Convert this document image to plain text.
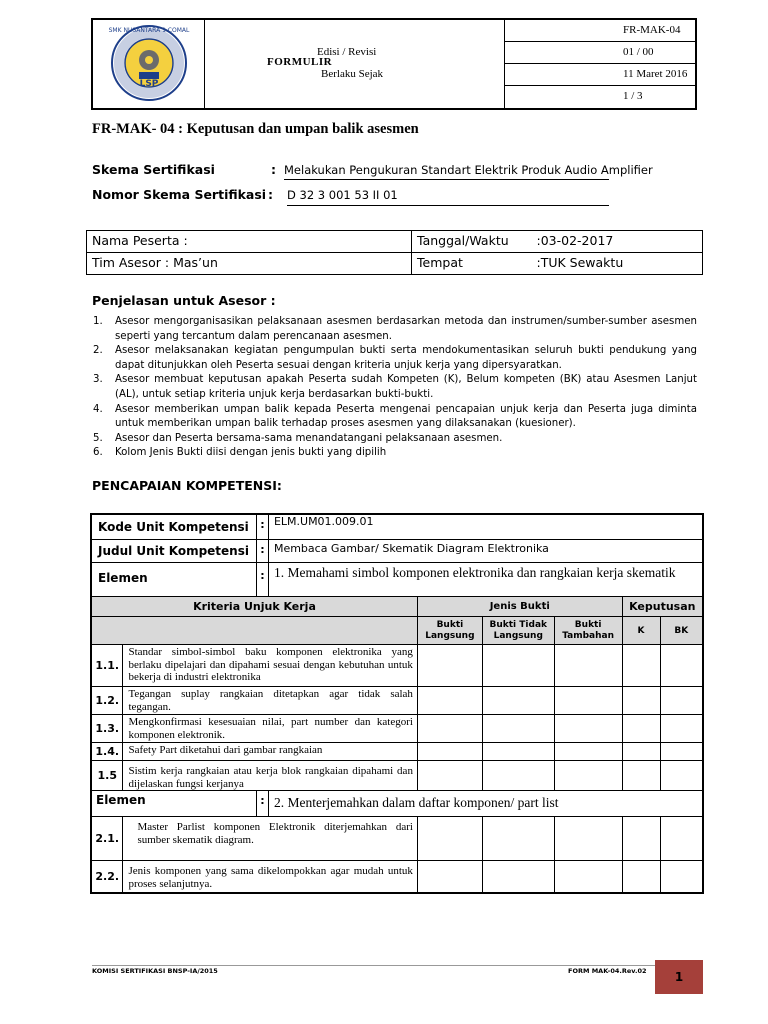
LSP
SMK NUSANTARA 1 COMAL
Edisi / Revisi
FORMULIR
Berlaku Sejak
FR-MAK-04
01 / 00
11 Maret 2016
1 / 3
FR-MAK- 04 : Keputusan dan umpan balik asesmen
Skema Sertifikasi	: Melakukan Pengukuran Standart Elektrik Produk Audio Amplifier
Nomor Skema Sertifikasi : D 32 3 001 53 II 01
Nama Peserta :	Tanggal/Waktu	:03-02-2017
Tim Asesor : Mas’un	Tempat	:TUK Sewaktu
Penjelasan untuk Asesor :
1. Asesor mengorganisasikan pelaksanaan asesmen berdasarkan metoda dan instrumen/sumber-sumber asesmen seperti yang tercantum dalam perencanaan asesmen.
2. Asesor melaksanakan kegiatan pengumpulan bukti serta mendokumentasikan seluruh bukti pendukung yang dapat ditunjukkan oleh Peserta sesuai dengan kriteria unjuk kerja yang dipersyaratkan.
3. Asesor membuat keputusan apakah Peserta sudah Kompeten (K), Belum kompeten (BK) atau Asesmen Lanjut (AL), untuk setiap kriteria unjuk kerja berdasarkan bukti-bukti.
4. Asesor memberikan umpan balik kepada Peserta mengenai pencapaian unjuk kerja dan Peserta juga diminta untuk memberikan umpan balik terhadap proses asesmen yang dilaksanakan (kuesioner).
5. Asesor dan Peserta bersama-sama menandatangani pelaksanaan asesmen.
6. Kolom Jenis Bukti diisi dengan jenis bukti yang dipilih
PENCAPAIAN KOMPETENSI:
Kode Unit Kompetensi		:	ELM.UM01.009.01					
Judul Unit Kompetensi		:	Membaca Gambar/ Skematik Diagram Elektronika					
Elemen		:	1. Memahami simbol komponen elektronika dan rangkaian kerja skematik					
Kriteria Unjuk Kerja				Jenis Bukti			Keputusan	
				Bukti Langsung	Bukti Tidak Langsung	Bukti Tambahan	K	BK
1.1.	Standar simbol-simbol baku komponen elektronika yang berlaku dipelajari dan dipahami sesuai dengan kebutuhan untuk bekerja di industri elektronika							
1.2.	Tegangan suplay rangkaian ditetapkan agar tidak salah tegangan.							
1.3.	Mengkonfirmasi kesesuaian nilai, part number dan kategori komponen elektronik.							
1.4.	Safety Part diketahui dari gambar rangkaian							
1.5	Sistim kerja rangkaian atau kerja blok rangkaian dipahami dan dijelaskan fungsi kerjanya							
Elemen		:	2. Menterjemahkan dalam daftar komponen/ part list					
2.1.	Master Parlist komponen Elektronik diterjemahkan dari sumber skematik diagram.							
2.2.	Jenis komponen yang sama dikelompokkan agar mudah untuk proses selanjutnya.							
KOMISI SERTIFIKASI BNSP-IA/2015	FORM MAK-04.Rev.02	1
